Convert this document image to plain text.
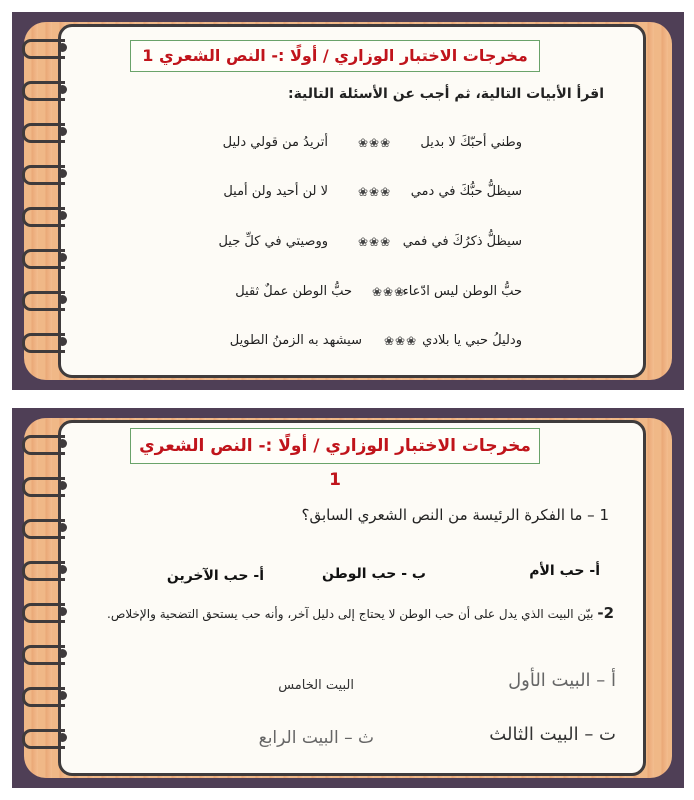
مخرجات الاختبار الوزاري / أولًا :- النص الشعري 1
اقرأ الأبيات التالية، ثم أجب عن الأسئلة التالية:
وطني أحبّكَ لا بديل
❀❀❀
أتريدُ من قولي دليل
سيظلُّ حبُّكَ في دمي
❀❀❀
لا لن أحيد ولن أميل
سيظلُّ ذكرُكَ في فمي
❀❀❀
ووصيتي في كلِّ جيل
حبُّ الوطن ليس ادّعاء
❀❀❀
حبُّ الوطن عملٌ ثقيل
ودليلُ حبي يا بلادي
❀❀❀
سيشهد به الزمنُ الطويل
مخرجات الاختبار الوزاري / أولًا :- النص الشعري 1
1 – ما الفكرة الرئيسة من النص الشعري السابق؟
أ- حب الأم
ب - حب الوطن
أ- حب الآخرين
2- بيّن البيت الذي يدل على أن حب الوطن لا يحتاج إلى دليل آخر، وأنه حب يستحق التضحية والإخلاص.
أ – البيت الأول
البيت الخامس
ت – البيت الثالث
ث – البيت الرابع
